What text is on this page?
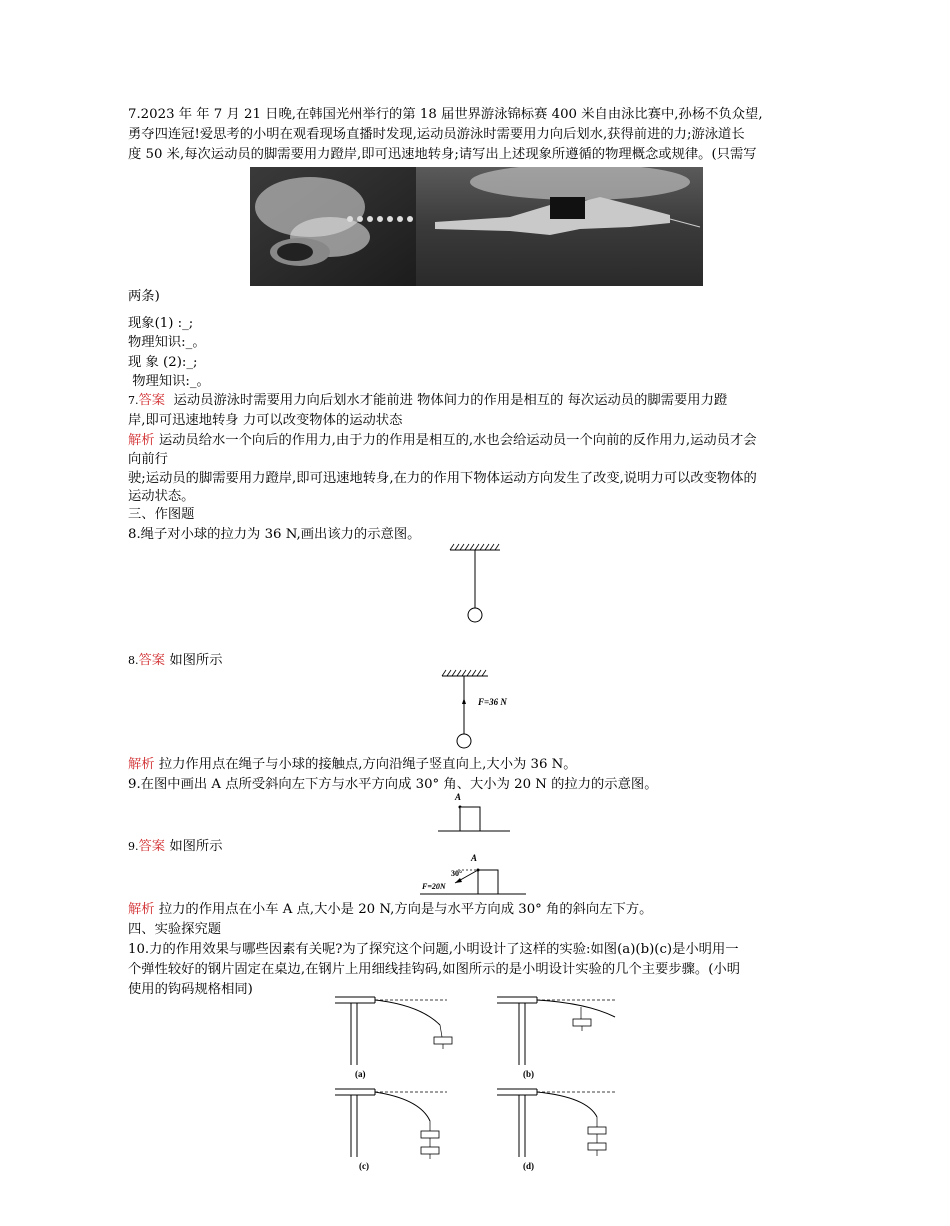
7.2023 年 年 7 月 21 日晚,在韩国光州举行的第 18 届世界游泳锦标赛 400 米自由泳比赛中,孙杨不负众望,
勇夺四连冠!爱思考的小明在观看现场直播时发现,运动员游泳时需要用力向后划水,获得前进的力;游泳道长
度 50 米,每次运动员的脚需要用力蹬岸,即可迅速地转身;请写出上述现象所遵循的物理概念或规律。(只需写
两条)
现象(1) :_;
物理知识:_。
现 象 (2):_;
物理知识:_。
7.答案  运动员游泳时需要用力向后划水才能前进 物体间力的作用是相互的 每次运动员的脚需要用力蹬
岸,即可迅速地转身 力可以改变物体的运动状态
解析 运动员给水一个向后的作用力,由于力的作用是相互的,水也会给运动员一个向前的反作用力,运动员才会
向前行
驶;运动员的脚需要用力蹬岸,即可迅速地转身,在力的作用下物体运动方向发生了改变,说明力可以改变物体的
运动状态。
三、作图题
8.绳子对小球的拉力为 36 N,画出该力的示意图。
8.答案 如图所示
F=36 N
解析 拉力作用点在绳子与小球的接触点,方向沿绳子竖直向上,大小为 36 N。
9.在图中画出 A 点所受斜向左下方与水平方向成 30° 角、大小为 20 N 的拉力的示意图。
A
9.答案 如图所示
A
30°
F=20N
解析 拉力的作用点在小车 A 点,大小是 20 N,方向是与水平方向成 30° 角的斜向左下方。
四、实验探究题
10.力的作用效果与哪些因素有关呢?为了探究这个问题,小明设计了这样的实验:如图(a)(b)(c)是小明用一
个弹性较好的钢片固定在桌边,在钢片上用细线挂钩码,如图所示的是小明设计实验的几个主要步骤。(小明
使用的钩码规格相同)
(a)	(b)
(c)	(d)
